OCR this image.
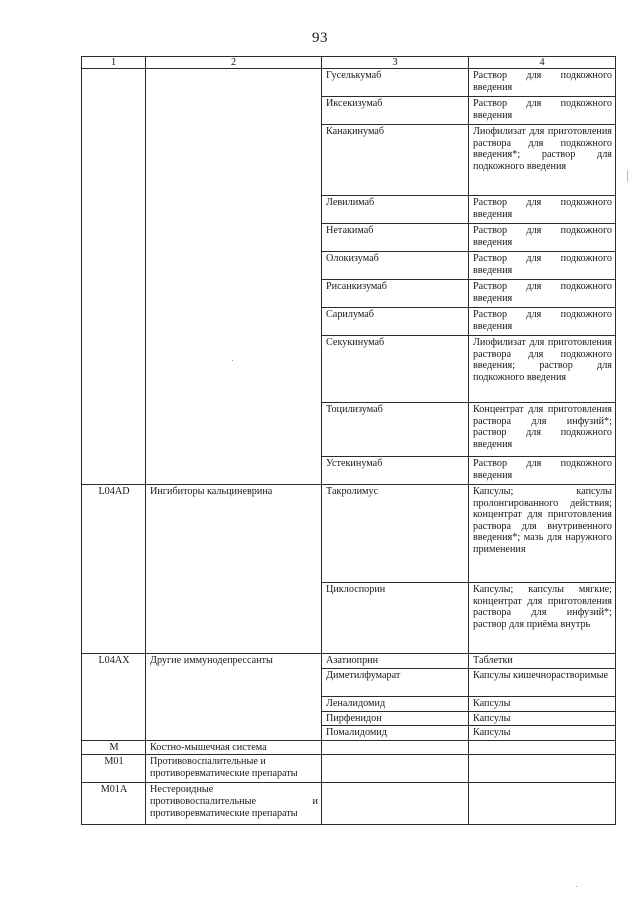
93
1	2	3	4
		Гуселькумаб	Раствор для подкожного введения
		Иксекизумаб	Раствор для подкожного введения
		Канакинумаб	Лиофилизат для приготовления раствора для подкожного введения*; раствор для подкожного введения
		Левилимаб	Раствор для подкожного введения
		Нетакимаб	Раствор для подкожного введения
		Олокизумаб	Раствор для подкожного введения
		Рисанкизумаб	Раствор для подкожного введения
		Сарилумаб	Раствор для подкожного введения
		Секукинумаб	Лиофилизат для приготовления раствора для подкожного введения; раствор для подкожного введения
		Тоцилизумаб	Концентрат для приготовления раствора для инфузий*; раствор для подкожного введения
		Устекинумаб	Раствор для подкожного введения
L04AD	Ингибиторы кальциневрина	Такролимус	Капсулы; капсулы пролонгированного действия; концентрат для приготовления раствора для внутривенного введения*; мазь для наружного применения
		Циклоспорин	Капсулы; капсулы мягкие; концентрат для приготовления раствора для инфузий*; раствор для приёма внутрь
L04AX	Другие иммунодепрессанты	Азатиоприн	Таблетки
		Диметилфумарат	Капсулы кишечнорастворимые
		Леналидомид	Капсулы
		Пирфенидон	Капсулы
		Помалидомид	Капсулы
M	Костно-мышечная система		
M01	Противовоспалительные и противоревматические препараты		
M01A	Нестероидные противовоспалительные и противоревматические препараты		
